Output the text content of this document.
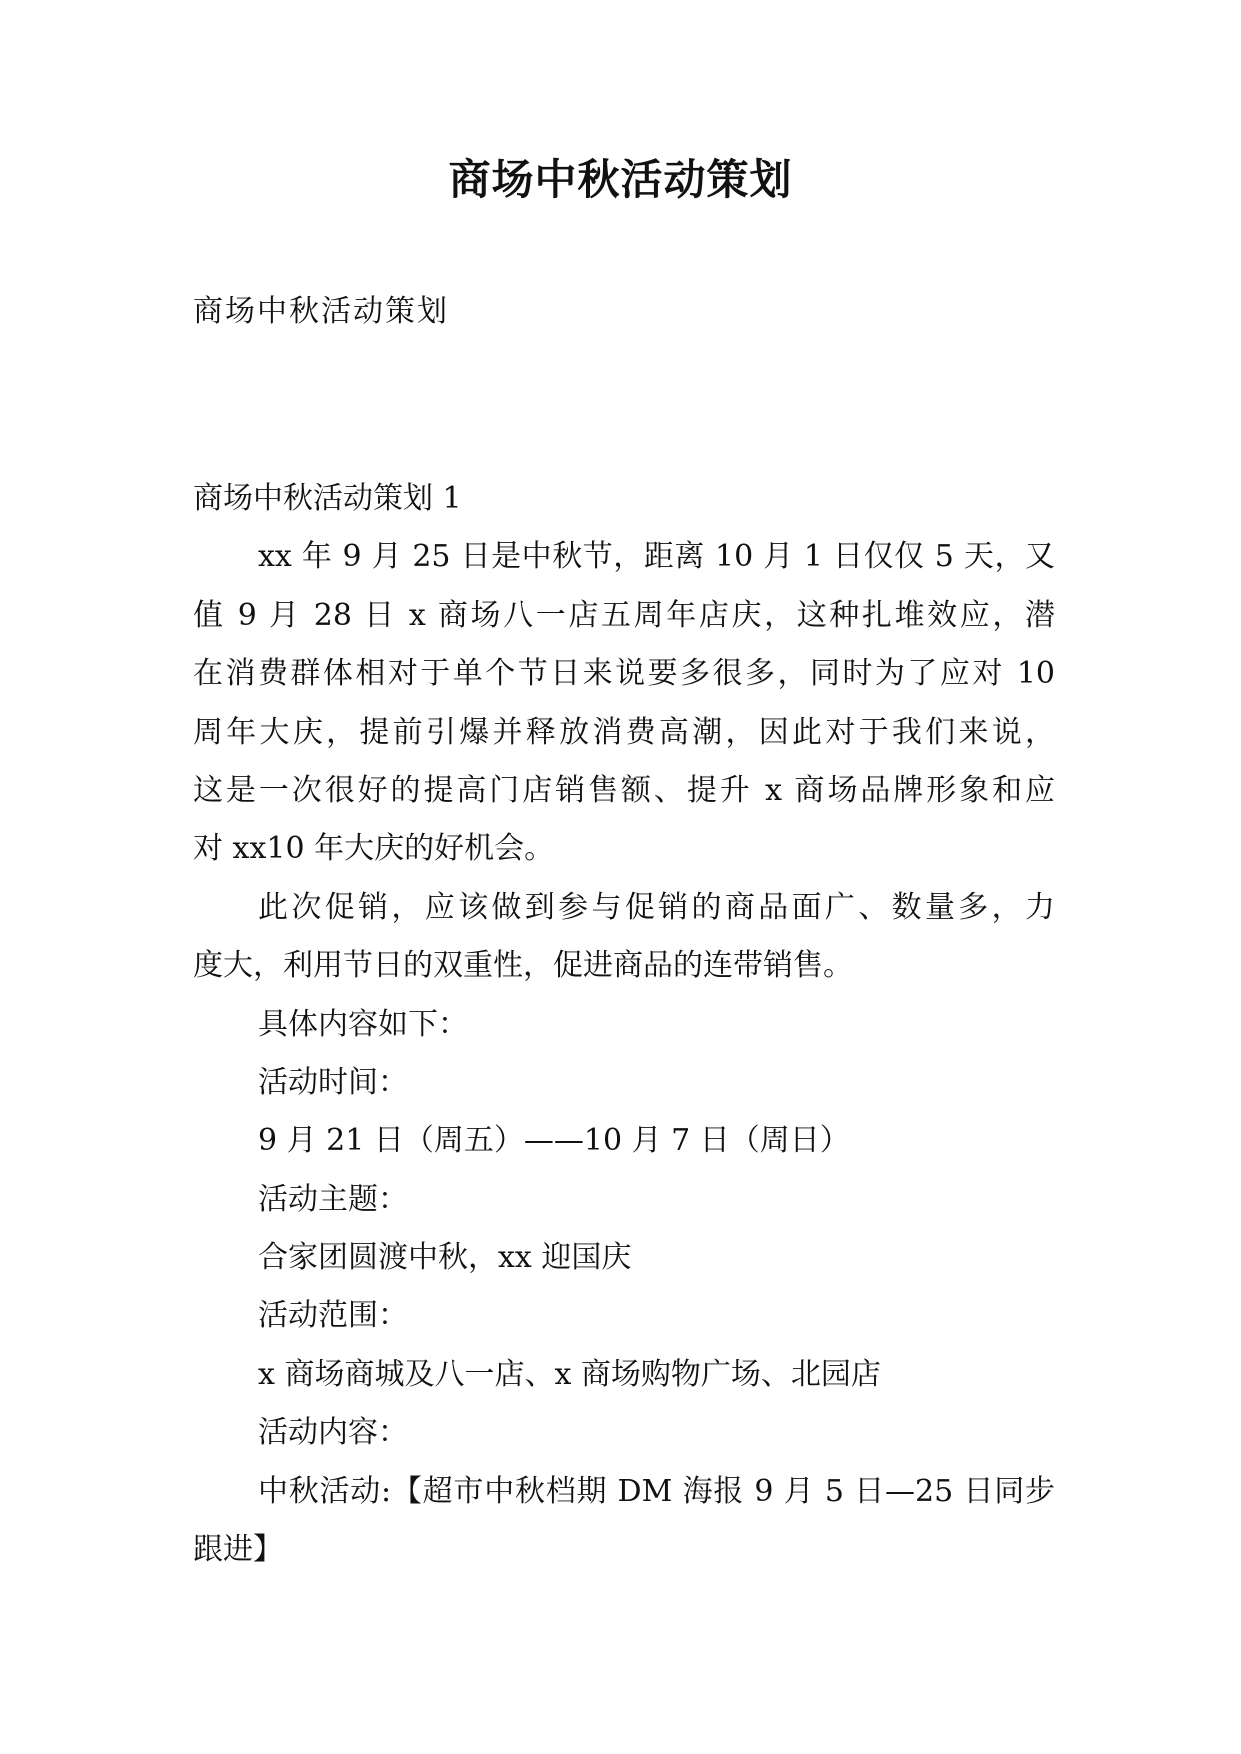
商场中秋活动策划
商场中秋活动策划
商场中秋活动策划 1
xx 年 9 月 25 日是中秋节，距离 10 月 1 日仅仅 5 天，又
值 9 月 28 日 x 商场八一店五周年店庆，这种扎堆效应，潜
在消费群体相对于单个节日来说要多很多，同时为了应对 10
周年大庆，提前引爆并释放消费高潮，因此对于我们来说，
这是一次很好的提高门店销售额、提升 x 商场品牌形象和应
对 xx10 年大庆的好机会。
此次促销，应该做到参与促销的商品面广、数量多，力
度大，利用节日的双重性，促进商品的连带销售。
具体内容如下：
活动时间：
9 月 21 日（周五）——10 月 7 日（周日）
活动主题：
合家团圆渡中秋，xx 迎国庆
活动范围：
x 商场商城及八一店、x 商场购物广场、北园店
活动内容：
中秋活动:【超市中秋档期 DM 海报 9 月 5 日—25 日同步
跟进】
